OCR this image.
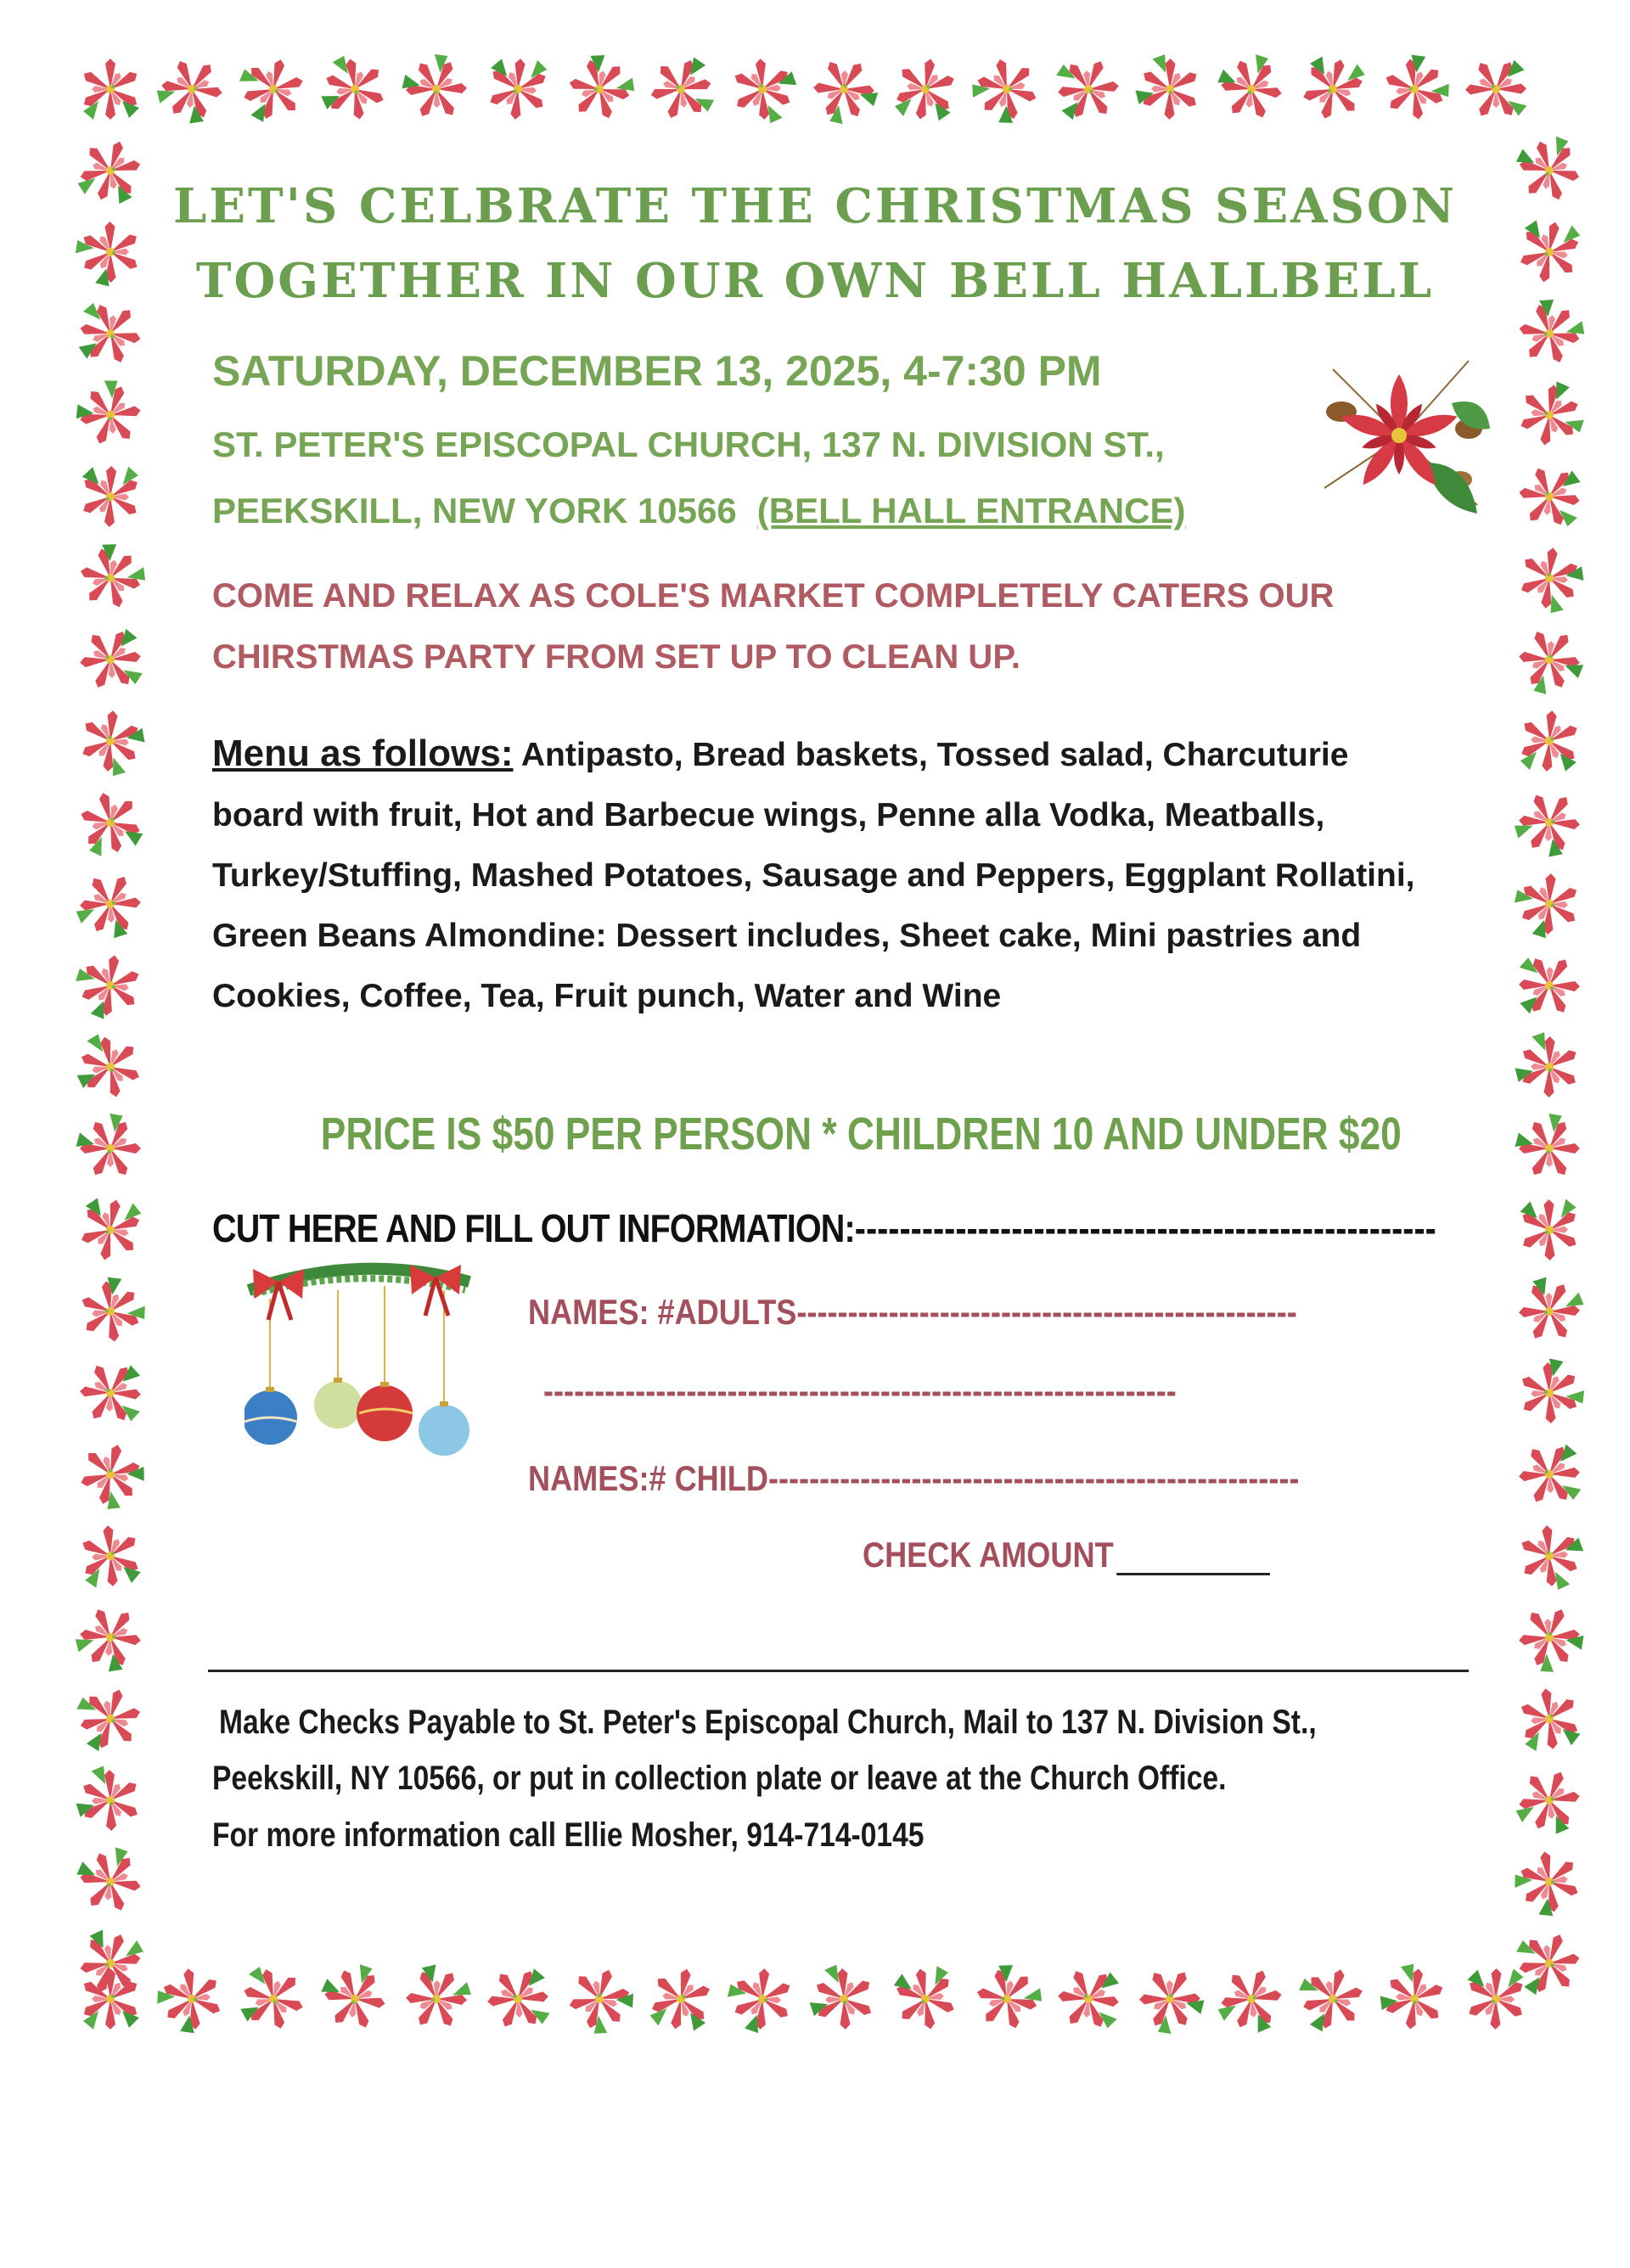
LET'S CELBRATE THE CHRISTMAS SEASON
TOGETHER IN OUR OWN BELL HALLBELL
SATURDAY, DECEMBER 13, 2025, 4-7:30 PM
ST. PETER'S EPISCOPAL CHURCH, 137 N. DIVISION ST.,
PEEKSKILL, NEW YORK 10566 (BELL HALL ENTRANCE)
COME AND RELAX AS COLE'S MARKET COMPLETELY CATERS OUR
CHIRSTMAS PARTY FROM SET UP TO CLEAN UP.
Menu as follows: Antipasto, Bread baskets, Tossed salad, Charcuturie board with fruit, Hot and Barbecue wings, Penne alla Vodka, Meatballs, Turkey/Stuffing, Mashed Potatoes, Sausage and Peppers, Eggplant Rollatini, Green Beans Almondine: Dessert includes, Sheet cake, Mini pastries and Cookies, Coffee, Tea, Fruit punch, Water and Wine
PRICE IS $50 PER PERSON * CHILDREN 10 AND UNDER $20
CUT HERE AND FILL OUT INFORMATION:----------------------------------------------------
NAMES: #ADULTS-------------------------------------------------
--------------------------------------------------------------
NAMES:# CHILD----------------------------------------------------
CHECK AMOUNT
Make Checks Payable to St. Peter's Episcopal Church, Mail to 137 N. Division St.,
Peekskill, NY 10566, or put in collection plate or leave at the Church Office.
For more information call Ellie Mosher, 914-714-0145
